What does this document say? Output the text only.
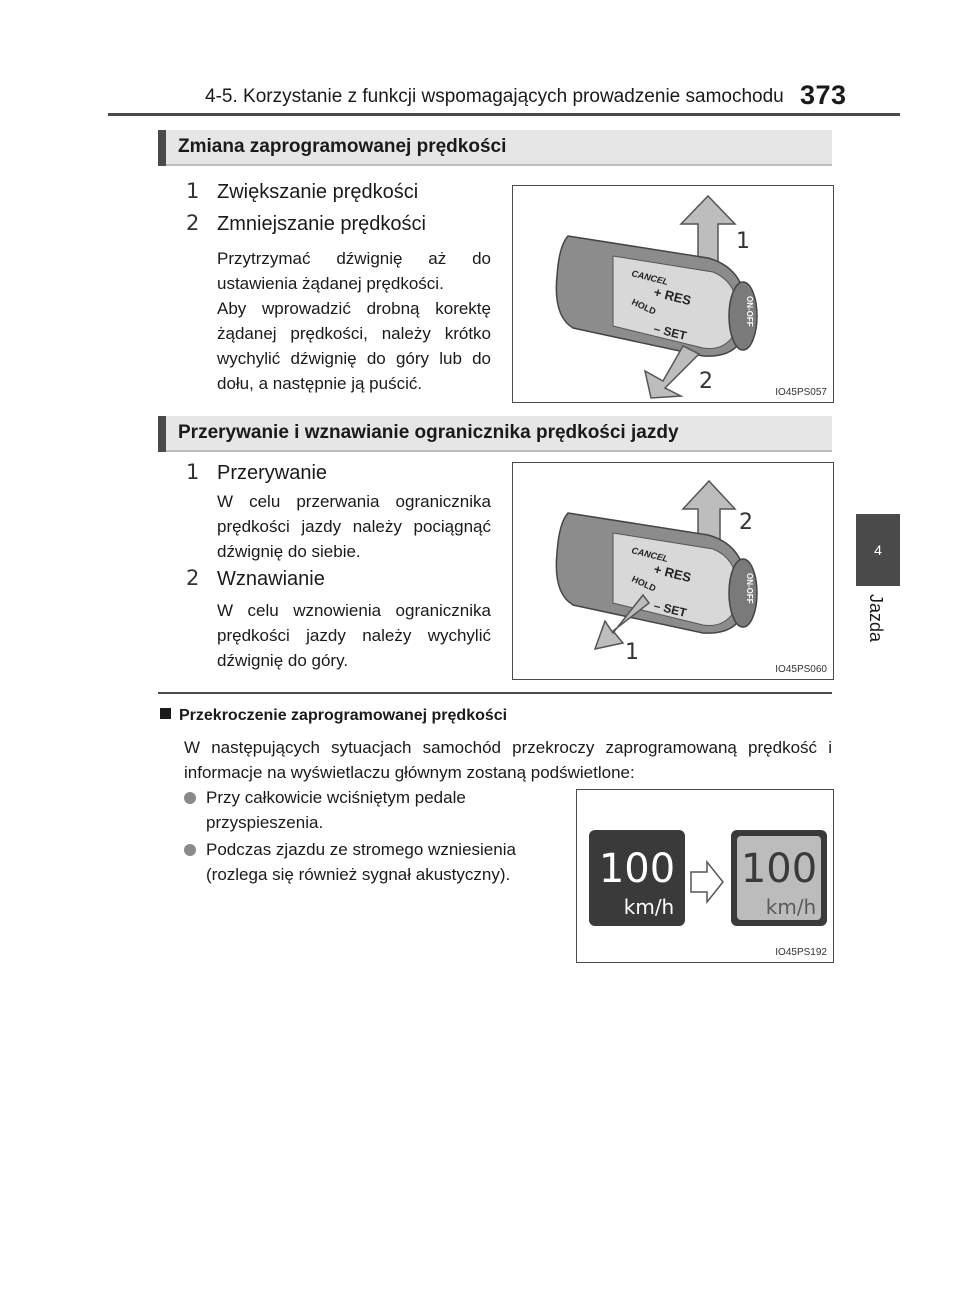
4-5. Korzystanie z funkcji wspomagających prowadzenie samochodu 373
4
Jazda
Zmiana zaprogramowanej prędkości
1 Zwiększanie prędkości
2 Zmniejszanie prędkości
Przytrzymać dźwignię aż do ustawienia żądanej prędkości.
Aby wprowadzić drobną korektę żądanej prędkości, należy krótko wychylić dźwignię do góry lub do dołu, a następnie ją puścić.
CANCEL
+ RES
HOLD
– SET
ON-OFF
1
2	IO45PS057
Przerywanie i wznawianie ogranicznika prędkości jazdy
1 Przerywanie
W celu przerwania ogranicznika prędkości jazdy należy pociągnąć dźwignię do siebie.
2 Wznawianie
W celu wznowienia ogranicznika prędkości jazdy należy wychylić dźwignię do góry.
CANCEL
+ RES
HOLD
– SET
ON-OFF
2
1
IO45PS060
Przekroczenie zaprogramowanej prędkości
W następujących sytuacjach samochód przekroczy zaprogramowaną prędkość i informacje na wyświetlaczu głównym zostaną podświetlone:
Przy całkowicie wciśniętym pedale przyspieszenia.
Podczas zjazdu ze stromego wzniesienia (rozlega się również sygnał akustyczny).	100
km/h
100
km/h
IO45PS192
